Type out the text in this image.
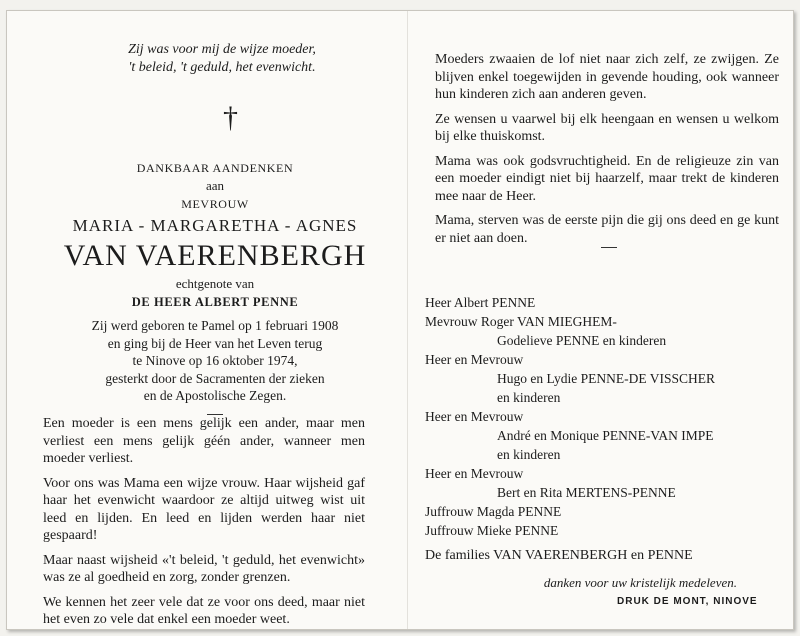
Zij was voor mij de wijze moeder,
't beleid, 't geduld, het evenwicht.
†
DANKBAAR AANDENKEN
aan
MEVROUW
MARIA - MARGARETHA - AGNES
VAN VAERENBERGH
echtgenote van
DE HEER ALBERT PENNE
Zij werd geboren te Pamel op 1 februari 1908
en ging bij de Heer van het Leven terug
te Ninove op 16 oktober 1974,
gesterkt door de Sacramenten der zieken
en de Apostolische Zegen.

Een moeder is een mens gelijk een ander, maar men verliest een mens gelijk géén ander, wanneer men moeder verliest.

Voor ons was Mama een wijze vrouw. Haar wijsheid gaf haar het evenwicht waardoor ze altijd uitweg wist uit leed en lijden. En leed en lijden werden haar niet gespaard!

Maar naast wijsheid «'t beleid, 't geduld, het evenwicht» was ze al goedheid en zorg, zonder grenzen.

We kennen het zeer vele dat ze voor ons deed, maar niet het even zo vele dat enkel een moeder weet.

Moeders zwaaien de lof niet naar zich zelf, ze zwijgen. Ze blijven enkel toegewijden in gevende houding, ook wanneer hun kinderen zich aan anderen geven.

Ze wensen u vaarwel bij elk heengaan en wensen u welkom bij elke thuiskomst.

Mama was ook godsvruchtigheid. En de religieuze zin van een moeder eindigt niet bij haarzelf, maar trekt de kinderen mee naar de Heer.

Mama, sterven was de eerste pijn die gij ons deed en ge kunt er niet aan doen.

Heer Albert PENNE
Mevrouw Roger VAN MIEGHEM-
Godelieve PENNE en kinderen
Heer en Mevrouw
Hugo en Lydie PENNE-DE VISSCHER
en kinderen
Heer en Mevrouw
André en Monique PENNE-VAN IMPE
en kinderen
Heer en Mevrouw
Bert en Rita MERTENS-PENNE
Juffrouw Magda PENNE
Juffrouw Mieke PENNE
De families VAN VAERENBERGH en PENNE
danken voor uw kristelijk medeleven.
DRUK DE MONT, NINOVE
